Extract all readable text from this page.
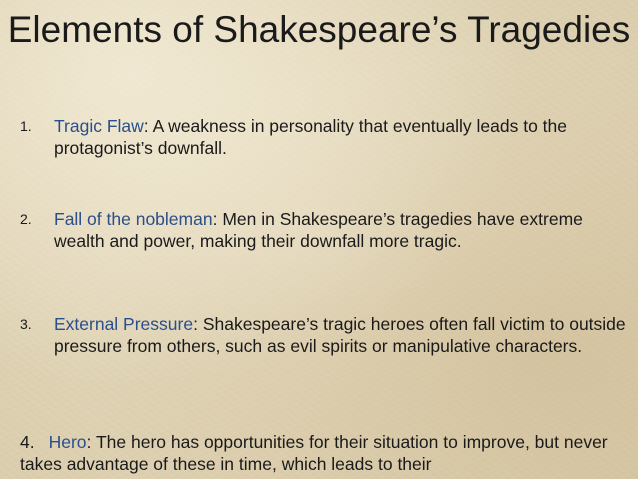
Elements of Shakespeare’s Tragedies
1. Tragic Flaw: A weakness in personality that eventually leads to the protagonist’s downfall.
2. Fall of the nobleman: Men in Shakespeare’s tragedies have extreme wealth and power, making their downfall more tragic.
3. External Pressure: Shakespeare’s tragic heroes often fall victim to outside pressure from others, such as evil spirits or manipulative characters.
4. Hero: The hero has opportunities for their situation to improve, but never takes advantage of these in time, which leads to their
